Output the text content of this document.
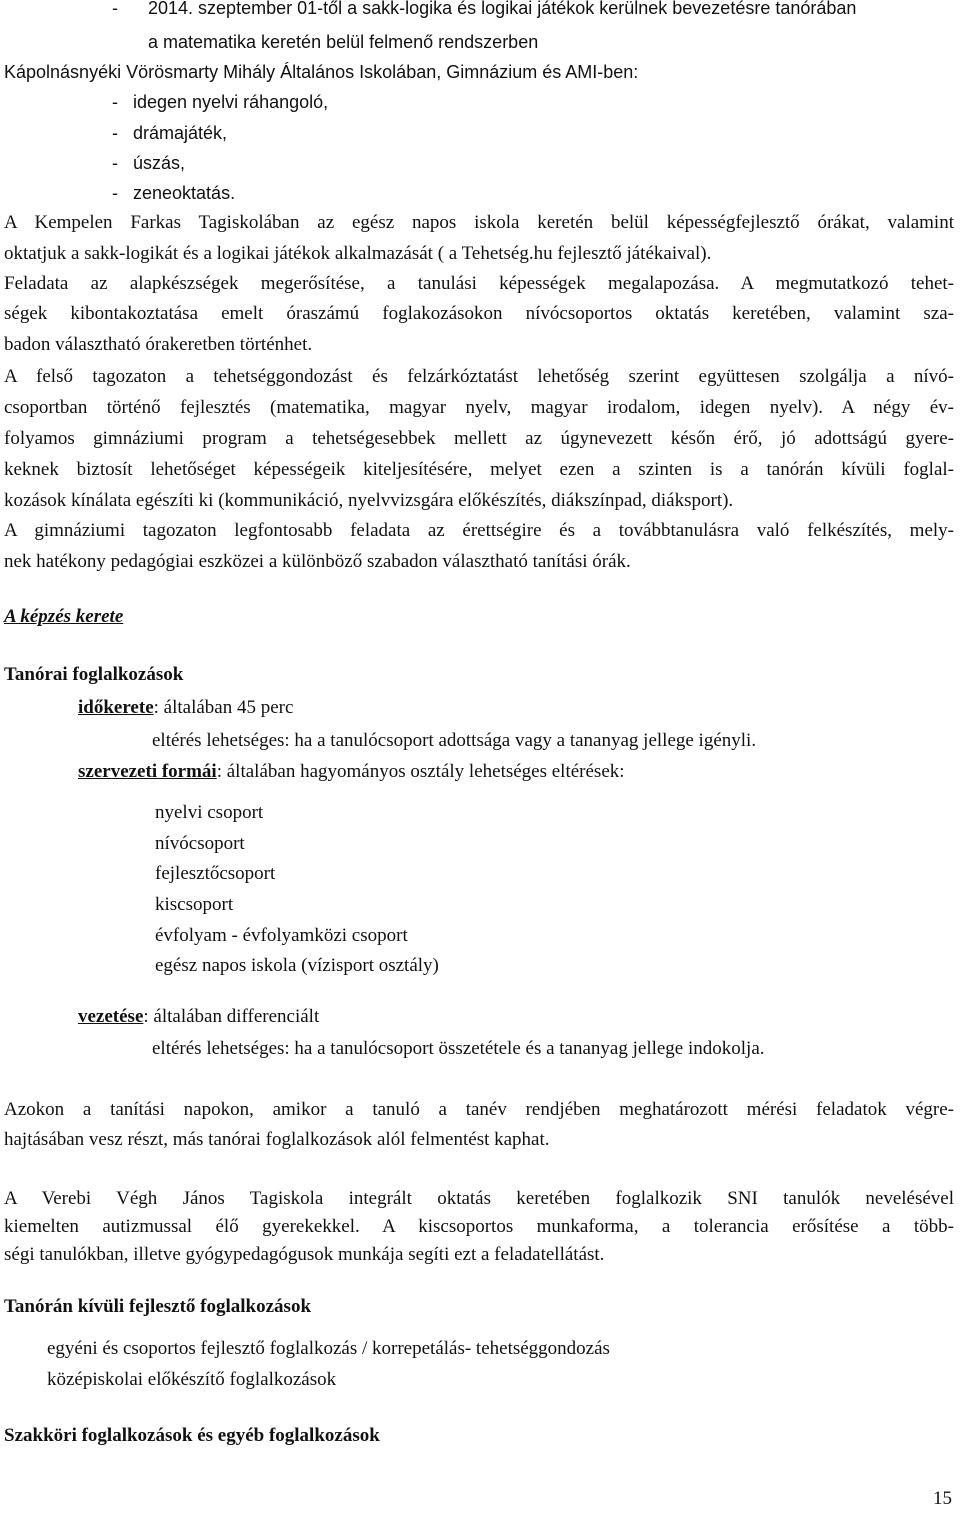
- 2014. szeptember 01-től a sakk-logika és logikai játékok kerülnek bevezetésre tanórában
a matematika keretén belül felmenő rendszerben
Kápolnásnyéki Vörösmarty Mihály Általános Iskolában, Gimnázium és AMI-ben:
-   idegen nyelvi ráhangoló,
-   drámajáték,
-   úszás,
-   zeneoktatás.
A Kempelen Farkas Tagiskolában az egész napos iskola keretén belül képességfejlesztő órákat, valamint
oktatjuk a sakk-logikát és a logikai játékok alkalmazását ( a Tehetség.hu fejlesztő játékaival).
Feladata az alapkészségek megerősítése, a tanulási képességek megalapozása. A megmutatkozó tehet-
ségek kibontakoztatása emelt óraszámú foglakozásokon nívócsoportos oktatás keretében, valamint sza-
badon választható órakeretben történhet.
A felső tagozaton a tehetséggondozást és felzárkóztatást lehetőség szerint együttesen szolgálja a nívó-
csoportban történő fejlesztés (matematika, magyar nyelv, magyar irodalom, idegen nyelv). A négy év-
folyamos gimnáziumi program a tehetségesebbek mellett az úgynevezett későn érő, jó adottságú gyere-
keknek biztosít lehetőséget képességeik kiteljesítésére, melyet ezen a szinten is a tanórán kívüli foglal-
kozások kínálata egészíti ki (kommunikáció, nyelvvizsgára előkészítés, diákszínpad, diáksport).
A gimnáziumi tagozaton legfontosabb feladata az érettségire és a továbbtanulásra való felkészítés, mely-
nek hatékony pedagógiai eszközei a különböző szabadon választható tanítási órák.
A képzés kerete
Tanórai foglalkozások
időkerete: általában 45 perc
eltérés lehetséges: ha a tanulócsoport adottsága vagy a tananyag jellege igényli.
szervezeti formái: általában hagyományos osztály lehetséges eltérések:
nyelvi csoport
nívócsoport
fejlesztőcsoport
kiscsoport
évfolyam - évfolyamközi csoport
egész napos iskola (vízisport osztály)
vezetése: általában differenciált
eltérés lehetséges: ha a tanulócsoport összetétele és a tananyag jellege indokolja.
Azokon a tanítási napokon, amikor a tanuló a tanév rendjében meghatározott mérési feladatok végre-
hajtásában vesz részt, más tanórai foglalkozások alól felmentést kaphat.
A Verebi Végh János Tagiskola integrált oktatás keretében foglalkozik SNI tanulók nevelésével
kiemelten autizmussal élő gyerekekkel. A kiscsoportos munkaforma, a tolerancia erősítése a több-
ségi tanulókban, illetve gyógypedagógusok munkája segíti ezt a feladatellátást.
Tanórán kívüli fejlesztő foglalkozások
egyéni és csoportos fejlesztő foglalkozás / korrepetálás- tehetséggondozás
középiskolai előkészítő foglalkozások
Szakköri foglalkozások és egyéb foglalkozások
15
